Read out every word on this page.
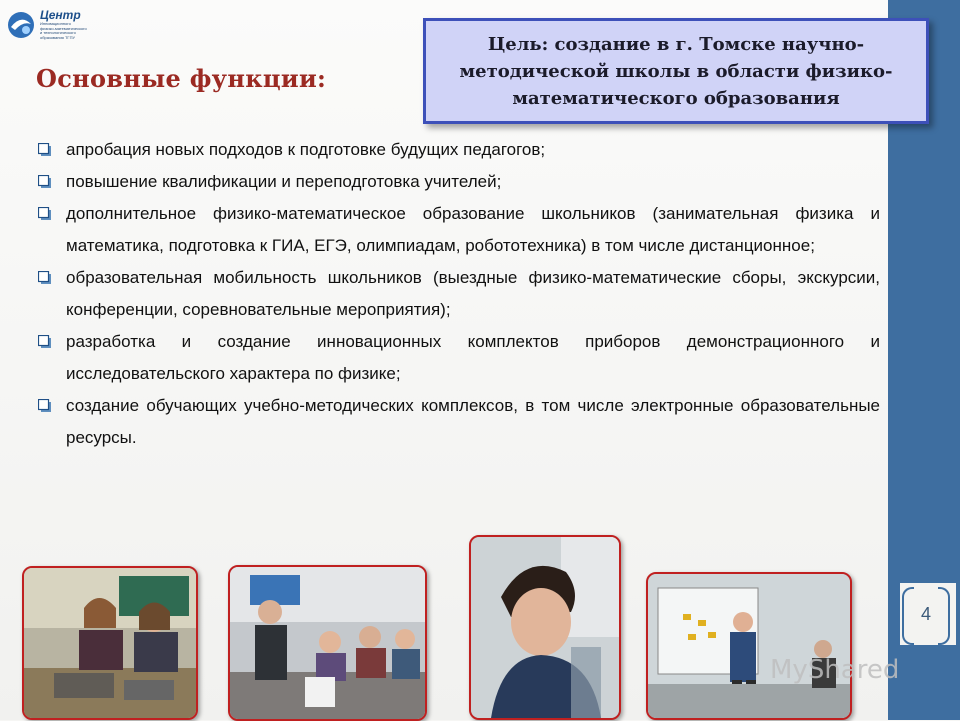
Центр
Инновационного
физико-математического
и технологического
образования ТГПУ	Цель: создание в г. Томске научно-
методической школы в области физико-
математического образования
Основные функции:
апробация новых подходов к подготовке будущих педагогов;
повышение квалификации и переподготовка учителей;
дополнительное физико-математическое образование школьников (занимательная физика и математика, подготовка к ГИА, ЕГЭ, олимпиадам, робототехника) в том числе дистанционное;
образовательная мобильность школьников (выездные физико-математические сборы, экскурсии, конференции, соревновательные мероприятия);
разработка и создание инновационных комплектов приборов демонстрационного и исследовательского характера по физике;
создание обучающих учебно-методических комплексов, в том числе электронные образовательные ресурсы.
4
MyShared
